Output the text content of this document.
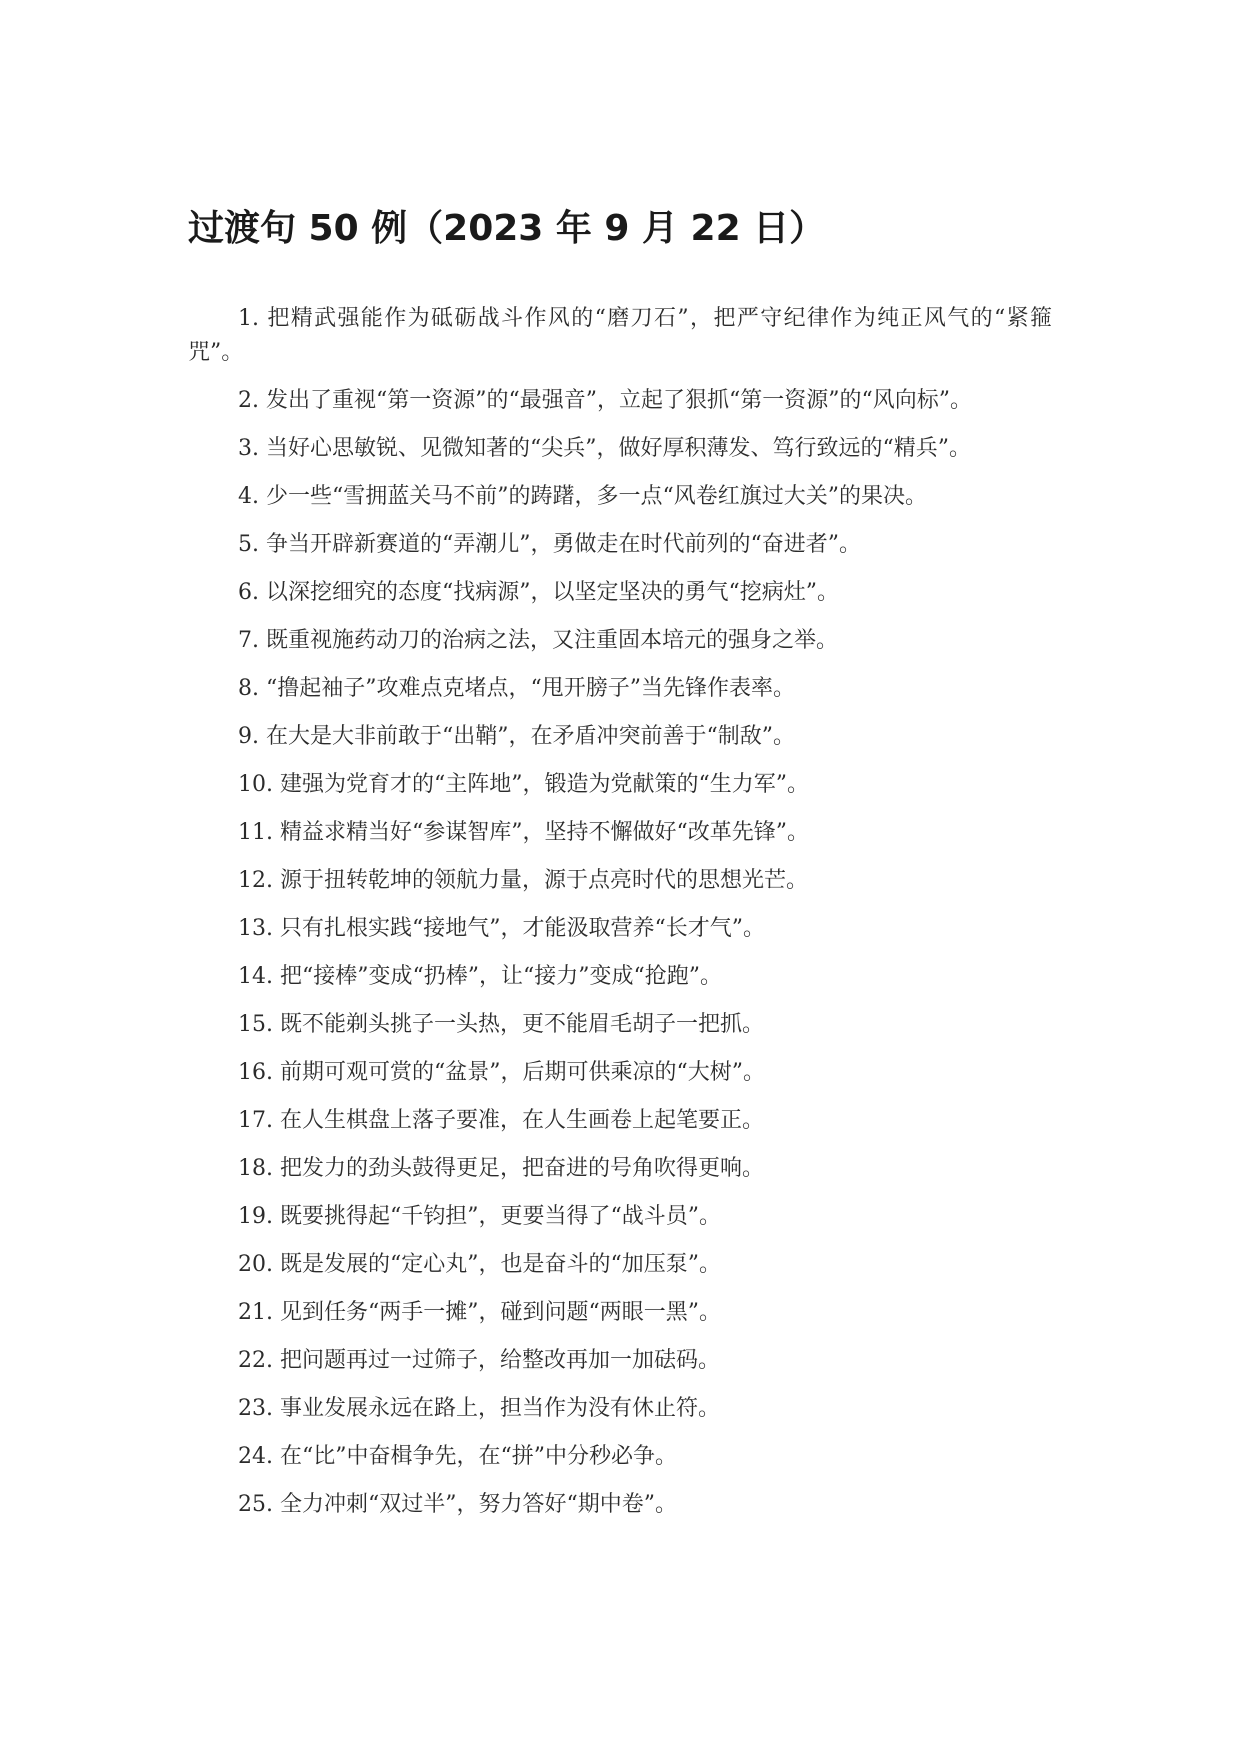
过渡句 50 例（2023 年 9 月 22 日）
1. 把精武强能作为砥砺战斗作风的“磨刀石”，把严守纪律作为纯正风气的“紧箍咒”。
2. 发出了重视“第一资源”的“最强音”，立起了狠抓“第一资源”的“风向标”。
3. 当好心思敏锐、见微知著的“尖兵”，做好厚积薄发、笃行致远的“精兵”。
4. 少一些“雪拥蓝关马不前”的踌躇，多一点“风卷红旗过大关”的果决。
5. 争当开辟新赛道的“弄潮儿”，勇做走在时代前列的“奋进者”。
6. 以深挖细究的态度“找病源”，以坚定坚决的勇气“挖病灶”。
7. 既重视施药动刀的治病之法，又注重固本培元的强身之举。
8. “撸起袖子”攻难点克堵点，“甩开膀子”当先锋作表率。
9. 在大是大非前敢于“出鞘”，在矛盾冲突前善于“制敌”。
10. 建强为党育才的“主阵地”，锻造为党献策的“生力军”。
11. 精益求精当好“参谋智库”，坚持不懈做好“改革先锋”。
12. 源于扭转乾坤的领航力量，源于点亮时代的思想光芒。
13. 只有扎根实践“接地气”，才能汲取营养“长才气”。
14. 把“接棒”变成“扔棒”，让“接力”变成“抢跑”。
15. 既不能剃头挑子一头热，更不能眉毛胡子一把抓。
16. 前期可观可赏的“盆景”，后期可供乘凉的“大树”。
17. 在人生棋盘上落子要准，在人生画卷上起笔要正。
18. 把发力的劲头鼓得更足，把奋进的号角吹得更响。
19. 既要挑得起“千钧担”，更要当得了“战斗员”。
20. 既是发展的“定心丸”，也是奋斗的“加压泵”。
21. 见到任务“两手一摊”，碰到问题“两眼一黑”。
22. 把问题再过一过筛子，给整改再加一加砝码。
23. 事业发展永远在路上，担当作为没有休止符。
24. 在“比”中奋楫争先，在“拼”中分秒必争。
25. 全力冲刺“双过半”，努力答好“期中卷”。
